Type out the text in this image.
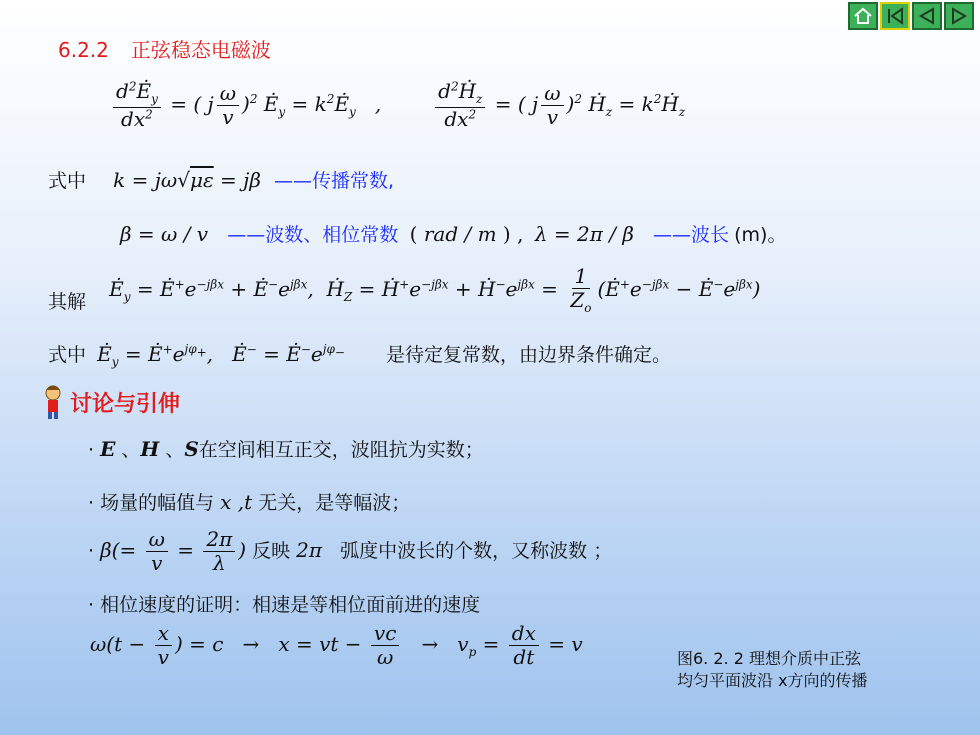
6.2.2 正弦稳态电磁波
$\frac{d^2Ė_y}{dx^2}$ = ( j $\frac{\omega}{v} )^2$ $Ė_y$ = $k^2Ė_y$   , $\frac{d^2Ḣ_z}{dx^2}$ = ( j $\frac{\omega}{v} )^2$ Ḣ$_z$ = $k^2Ḣ_z$
式中 k = jω√με = jβ ——传播常数,
β = ω / v ——波数、相位常数  ( rad / m ) ,  λ = 2π / β ——波长 (m)。
其解 $Ė_y$ = $Ė^+e^{-j\beta x}$ + $Ė^-e^{j\beta x}$,  Ḣ$_Z$ = $Ḣ^+e^{-j\beta x}$ + $Ḣ^-e^{j\beta x} = \frac{1}{Z_o}$ ($Ė^+e^{-j\beta x}$ − $Ė^-e^{j\beta x}$)
式中 $Ė_y$ = $Ė^+e^{j\varphi_+}$,   Ė− = $Ė^-e^{j\varphi_-}$ 是待定复常数，由边界条件确定。
讨论与引伸
· E 、H 、S在空间相互正交，波阻抗为实数；
· 场量的幅值与 x ,t 无关，是等幅波；
· $\beta(= \frac{\omega}{v} = \frac{2\pi}{\lambda}$ ) 反映 2π 弧度中波长的个数，又称波数 ；
· 相位速度的证明：相速是等相位面前进的速度
$\omega(t - \frac{x}{v}$ ) = c   →   x = vt − $\frac{vc}{\omega} \to v_p = \frac{dx}{dt} = v$
图6. 2. 2 理想介质中正弦
均匀平面波沿 x方向的传播
